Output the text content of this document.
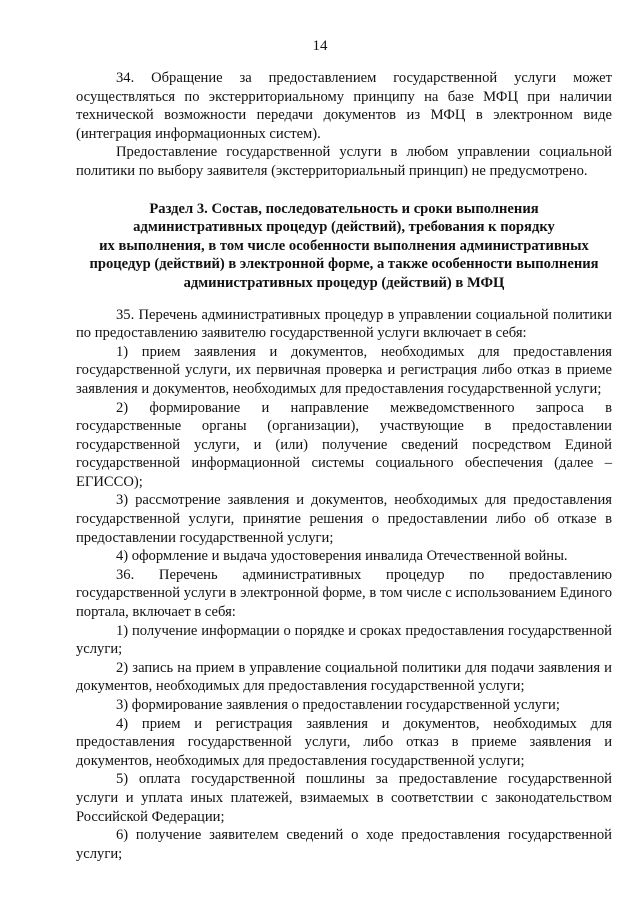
14

34. Обращение за предоставлением государственной услуги может осуществляться по экстерриториальному принципу на базе МФЦ при наличии технической возможности передачи документов из МФЦ в электронном виде (интеграция информационных систем).

Предоставление государственной услуги в любом управлении социальной политики по выбору заявителя (экстерриториальный принцип) не предусмотрено.

Раздел 3. Состав, последовательность и сроки выполнения
административных процедур (действий), требования к порядку
их выполнения, в том числе особенности выполнения административных
процедур (действий) в электронной форме, а также особенности выполнения
административных процедур (действий) в МФЦ

35. Перечень административных процедур в управлении социальной политики по предоставлению заявителю государственной услуги включает в себя:

1) прием заявления и документов, необходимых для предоставления государственной услуги, их первичная проверка и регистрация либо отказ в приеме заявления и документов, необходимых для предоставления государственной услуги;

2) формирование и направление межведомственного запроса в государственные органы (организации), участвующие в предоставлении государственной услуги, и (или) получение сведений посредством Единой государственной информационной системы социального обеспечения (далее – ЕГИССО);

3) рассмотрение заявления и документов, необходимых для предоставления государственной услуги, принятие решения о предоставлении либо об отказе в предоставлении государственной услуги;

4) оформление и выдача удостоверения инвалида Отечественной войны.

36. Перечень административных процедур по предоставлению государственной услуги в электронной форме, в том числе с использованием Единого портала, включает в себя:

1) получение информации о порядке и сроках предоставления государственной услуги;

2) запись на прием в управление социальной политики для подачи заявления и документов, необходимых для предоставления государственной услуги;

3) формирование заявления о предоставлении государственной услуги;

4) прием и регистрация заявления и документов, необходимых для предоставления государственной услуги, либо отказ в приеме заявления и документов, необходимых для предоставления государственной услуги;

5) оплата государственной пошлины за предоставление государственной услуги и уплата иных платежей, взимаемых в соответствии с законодательством Российской Федерации;

6) получение заявителем сведений о ходе предоставления государственной услуги;
